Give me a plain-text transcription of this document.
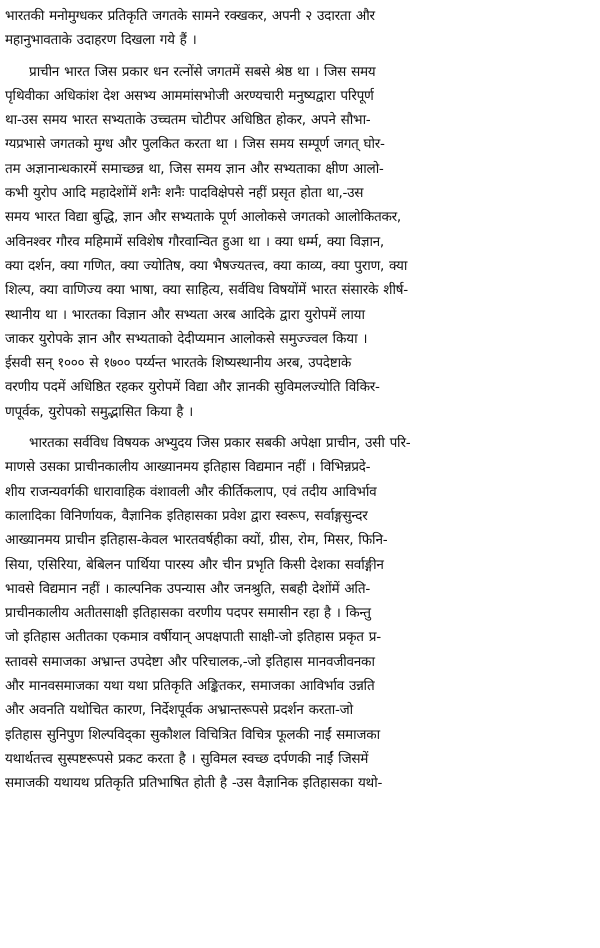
भारतकी मनोमुग्धकर प्रतिकृति जगतके सामने रक्खकर, अपनी २ उदारता और
महानुभावताके उदाहरण दिखला गये हैं ।
प्राचीन भारत जिस प्रकार धन रत्नोंसे जगतमें सबसे श्रेष्ठ था । जिस समय
पृथिवीका अधिकांश देश असभ्य आममांसभोजी अरण्यचारी मनुष्यद्वारा परिपूर्ण
था-उस समय भारत सभ्यताके उच्चतम चोटीपर अधिष्ठित होकर, अपने सौभा-
ग्यप्रभासे जगतको मुग्ध और पुलकित करता था । जिस समय सम्पूर्ण जगत् घोर-
तम अज्ञानान्धकारमें समाच्छन्न था, जिस समय ज्ञान और सभ्यताका क्षीण आलो-
कभी युरोप आदि महादेशोंमें शनैः शनैः पादविक्षेपसे नहीं प्रसृत होता था,-उस
समय भारत विद्या बुद्धि, ज्ञान और सभ्यताके पूर्ण आलोकसे जगतको आलोकितकर,
अविनश्वर गौरव महिमामें सविशेष गौरवान्वित हुआ था । क्या धर्म्म, क्या विज्ञान,
क्या दर्शन, क्या गणित, क्या ज्योतिष, क्या भैषज्यतत्त्व, क्या काव्य, क्या पुराण, क्या
शिल्प, क्या वाणिज्य क्या भाषा, क्या साहित्य, सर्वविध विषयोंमें भारत संसारके शीर्ष-
स्थानीय था । भारतका विज्ञान और सभ्यता अरब आदिके द्वारा युरोपमें लाया
जाकर युरोपके ज्ञान और सभ्यताको देदीप्यमान आलोकसे समुज्ज्वल किया ।
ईसवी सन् १००० से १७०० पर्य्यन्त भारतके शिष्यस्थानीय अरब, उपदेष्टाके
वरणीय पदमें अधिष्ठित रहकर युरोपमें विद्या और ज्ञानकी सुविमलज्योति विकिर-
णपूर्वक, युरोपको समुद्भासित किया है ।
भारतका सर्वविध विषयक अभ्युदय जिस प्रकार सबकी अपेक्षा प्राचीन, उसी परि-
माणसे उसका प्राचीनकालीय आख्यानमय इतिहास विद्यमान नहीं । विभिन्नप्रदे-
शीय राजन्यवर्गकी धारावाहिक वंशावली और कीर्तिकलाप, एवं तदीय आविर्भाव
कालादिका विनिर्णायक, वैज्ञानिक इतिहासका प्रवेश द्वारा स्वरूप, सर्वाङ्गसुन्दर
आख्यानमय प्राचीन इतिहास-केवल भारतवर्षहीका क्यों, ग्रीस, रोम, मिसर, फिनि-
सिया, एसिरिया, बेबिलन पार्थिया पारस्य और चीन प्रभृति किसी देशका सर्वाङ्गीन
भावसे विद्यमान नहीं । काल्पनिक उपन्यास और जनश्रुति, सबही देशोंमें अति-
प्राचीनकालीय अतीतसाक्षी इतिहासका वरणीय पदपर समासीन रहा है । किन्तु
जो इतिहास अतीतका एकमात्र वर्षीयान् अपक्षपाती साक्षी-जो इतिहास प्रकृत प्र-
स्तावसे समाजका अभ्रान्त उपदेष्टा और परिचालक,-जो इतिहास मानवजीवनका
और मानवसमाजका यथा यथा प्रतिकृति अङ्कितकर, समाजका आविर्भाव उन्नति
और अवनति यथोचित कारण, निर्देशपूर्वक अभ्रान्तरूपसे प्रदर्शन करता-जो
इतिहास सुनिपुण शिल्पविद्का सुकौशल विचित्रित विचित्र फूलकी नाईं समाजका
यथार्थतत्त्व सुस्पष्टरूपसे प्रकट करता है । सुविमल स्वच्छ दर्पणकी नाईं जिसमें
समाजकी यथायथ प्रतिकृति प्रतिभाषित होती है -उस वैज्ञानिक इतिहासका यथो-
